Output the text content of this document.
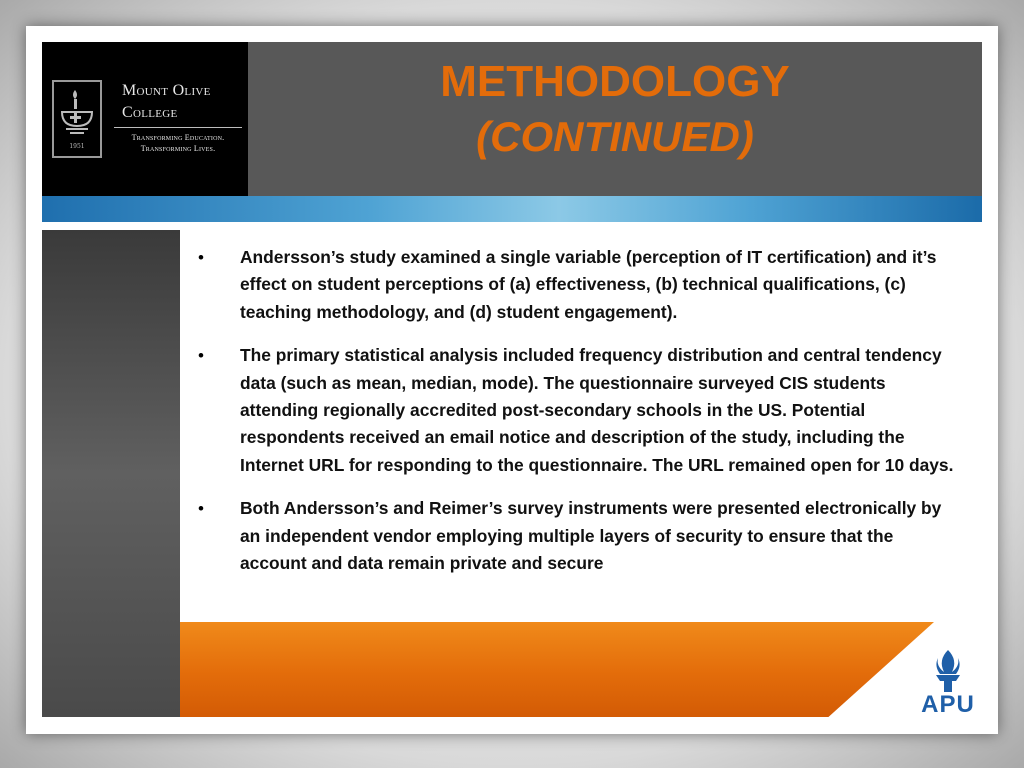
1951
Mount Olive
College
Transforming Education.
Transforming Lives.
METHODOLOGY
(CONTINUED)
•	Andersson’s study examined a single variable (perception of IT certification) and it’s effect on student perceptions of (a) effectiveness, (b) technical qualifications, (c) teaching methodology, and (d) student engagement).
•	The primary statistical analysis included frequency distribution and central tendency data (such as mean, median, mode). The questionnaire surveyed CIS students attending regionally accredited post-secondary schools in the US. Potential respondents received an email notice and description of the study, including the Internet URL for responding to the questionnaire. The URL remained open for 10 days.
•	Both Andersson’s and Reimer’s survey instruments were presented electronically by an independent vendor employing multiple layers of security to ensure that the account and data remain private and secure
APU
